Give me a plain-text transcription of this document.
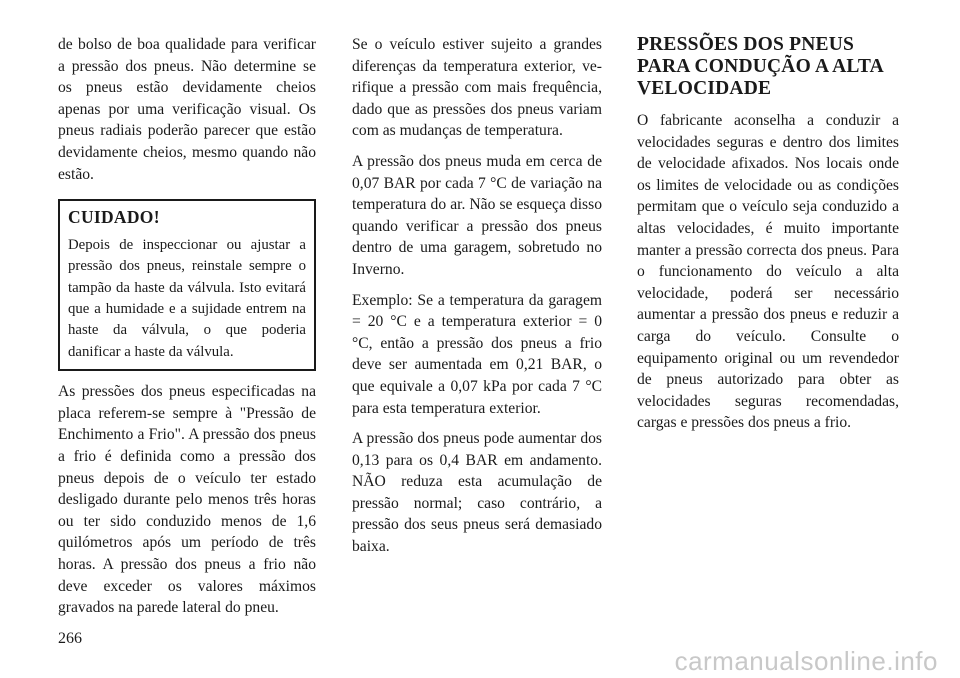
de bolso de boa qualidade para verificar a pressão dos pneus. Não determine se os pneus estão devidamente cheios apenas por uma verificação visual. Os pneus radiais poderão parecer que estão devidamente cheios, mesmo quando não estão.

CUIDADO!

Depois de inspeccionar ou ajustar a pressão dos pneus, reinstale sempre o tampão da haste da válvula. Isto evitará que a humidade e a sujidade entrem na haste da válvula, o que poderia danificar a haste da válvula.

As pressões dos pneus especificadas na placa referem-se sempre à "Pressão de Enchimento a Frio". A pressão dos pneus a frio é definida como a pressão dos pneus depois de o veículo ter estado desligado durante pelo menos três horas ou ter sido conduzido menos de 1,6 quilómetros após um período de três horas. A pressão dos pneus a frio não deve exceder os valores máximos gravados na parede lateral do pneu.

Se o veículo estiver sujeito a grandes diferenças da temperatura exterior, verifique a pressão com mais frequência, dado que as pressões dos pneus variam com as mudanças de temperatura.

A pressão dos pneus muda em cerca de 0,07 BAR por cada 7 °C de variação na temperatura do ar. Não se esqueça disso quando verificar a pressão dos pneus dentro de uma garagem, sobretudo no Inverno.

Exemplo: Se a temperatura da garagem = 20 °C e a temperatura exterior = 0 °C, então a pressão dos pneus a frio deve ser aumentada em 0,21 BAR, o que equivale a 0,07 kPa por cada 7 °C para esta temperatura exterior.

A pressão dos pneus pode aumentar dos 0,13 para os 0,4 BAR em andamento. NÃO reduza esta acumulação de pressão normal; caso contrário, a pressão dos seus pneus será demasiado baixa.

PRESSÕES DOS PNEUS PARA CONDUÇÃO A ALTA VELOCIDADE

O fabricante aconselha a conduzir a velocidades seguras e dentro dos limites de velocidade afixados. Nos locais onde os limites de velocidade ou as condições permitam que o veículo seja conduzido a altas velocidades, é muito importante manter a pressão correcta dos pneus. Para o funcionamento do veículo a alta velocidade, poderá ser necessário aumentar a pressão dos pneus e reduzir a carga do veículo. Consulte o equipamento original ou um revendedor de pneus autorizado para obter as velocidades seguras recomendadas, cargas e pressões dos pneus a frio.

266
carmanualsonline.info
